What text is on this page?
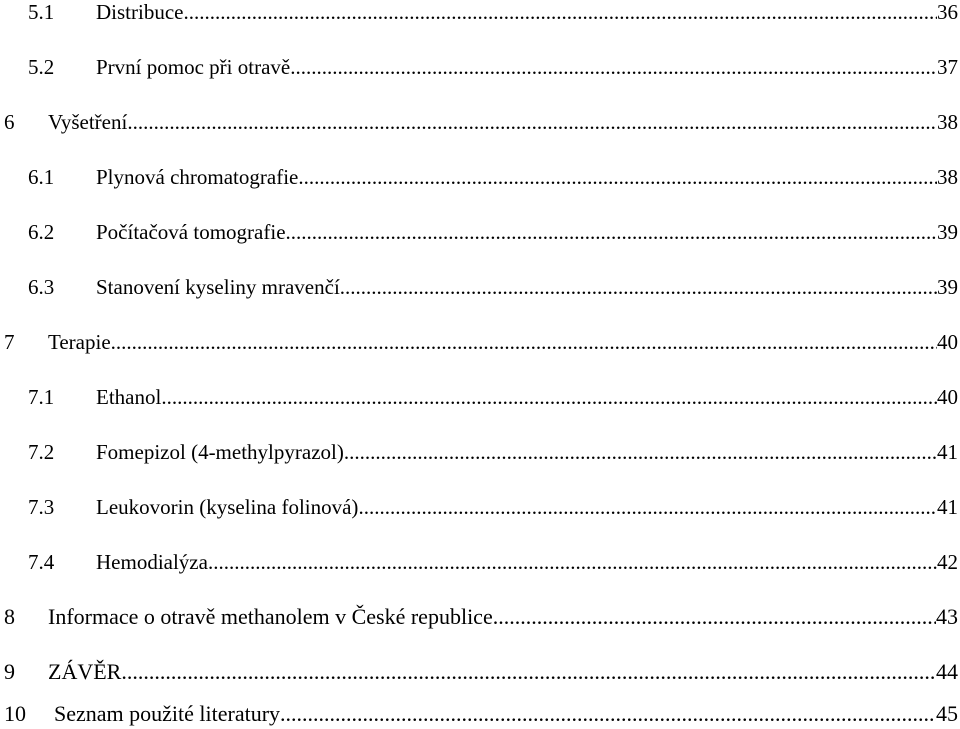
5.1 Distribuce .....	36
5.2 První pomoc při otravě .....	37
6 Vyšetření .....	38
6.1 Plynová chromatografie .....	38
6.2 Počítačová tomografie .....	39
6.3 Stanovení kyseliny mravenčí .....	39
7 Terapie .....	40
7.1 Ethanol .....	40
7.2 Fomepizol (4-methylpyrazol) .....	41
7.3 Leukovorin (kyselina folinová) .....	41
7.4 Hemodialýza .....	42
8 Informace o otravě methanolem v České republice .....	43
9 ZÁVĚR .....	44
10 Seznam použité literatury .....	45
